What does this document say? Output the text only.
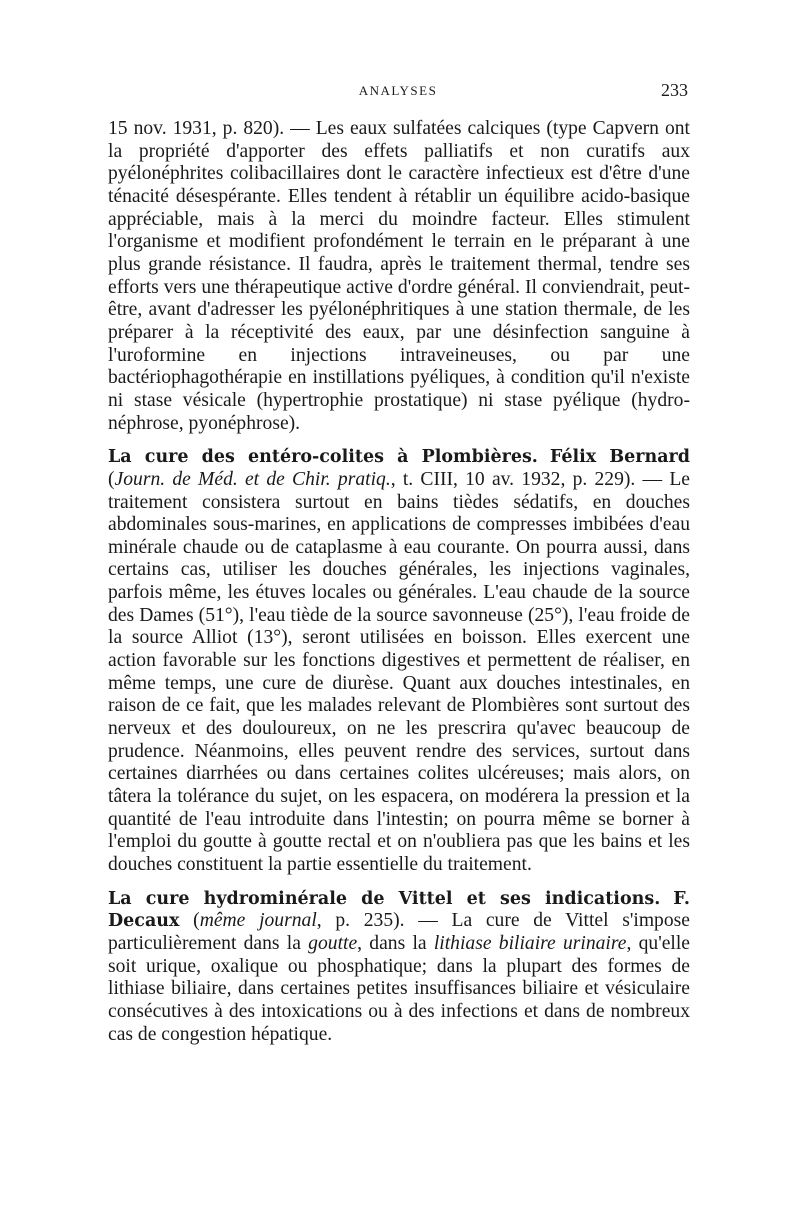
ANALYSES	233

15 nov. 1931, p. 820). — Les eaux sulfatées calciques (type Capvern ont la propriété d'apporter des effets palliatifs et non curatifs aux pyélonéphrites colibacillaires dont le caractère infectieux est d'être d'une ténacité désespérante. Elles tendent à rétablir un équilibre acido-basique appréciable, mais à la merci du moindre facteur. Elles stimulent l'organisme et modifient profondément le terrain en le préparant à une plus grande résistance. Il faudra, après le traitement thermal, tendre ses efforts vers une thérapeutique active d'ordre général. Il conviendrait, peut-être, avant d'adresser les pyélonéphritiques à une station thermale, de les préparer à la réceptivité des eaux, par une désinfection sanguine à l'uroformine en injections intraveineuses, ou par une bactériophagothérapie en instillations pyéliques, à condition qu'il n'existe ni stase vésicale (hypertrophie prostatique) ni stase pyélique (hydro-néphrose, pyonéphrose).

La cure des entéro-colites à Plombières. Félix Bernard (Journ. de Méd. et de Chir. pratiq., t. CIII, 10 av. 1932, p. 229). — Le traitement consistera surtout en bains tièdes sédatifs, en douches abdominales sous-marines, en applications de compresses imbibées d'eau minérale chaude ou de cataplasme à eau courante. On pourra aussi, dans certains cas, utiliser les douches générales, les injections vaginales, parfois même, les étuves locales ou générales. L'eau chaude de la source des Dames (51°), l'eau tiède de la source savonneuse (25°), l'eau froide de la source Alliot (13°), seront utilisées en boisson. Elles exercent une action favorable sur les fonctions digestives et permettent de réaliser, en même temps, une cure de diurèse. Quant aux douches intestinales, en raison de ce fait, que les malades relevant de Plombières sont surtout des nerveux et des douloureux, on ne les prescrira qu'avec beaucoup de prudence. Néanmoins, elles peuvent rendre des services, surtout dans certaines diarrhées ou dans certaines colites ulcéreuses; mais alors, on tâtera la tolérance du sujet, on les espacera, on modérera la pression et la quantité de l'eau introduite dans l'intestin; on pourra même se borner à l'emploi du goutte à goutte rectal et on n'oubliera pas que les bains et les douches constituent la partie essentielle du traitement.

La cure hydrominérale de Vittel et ses indications. F. Decaux (même journal, p. 235). — La cure de Vittel s'impose particulièrement dans la goutte, dans la lithiase biliaire urinaire, qu'elle soit urique, oxalique ou phosphatique; dans la plupart des formes de lithiase biliaire, dans certaines petites insuffisances biliaire et vésiculaire consécutives à des intoxications ou à des infections et dans de nombreux cas de congestion hépatique.
